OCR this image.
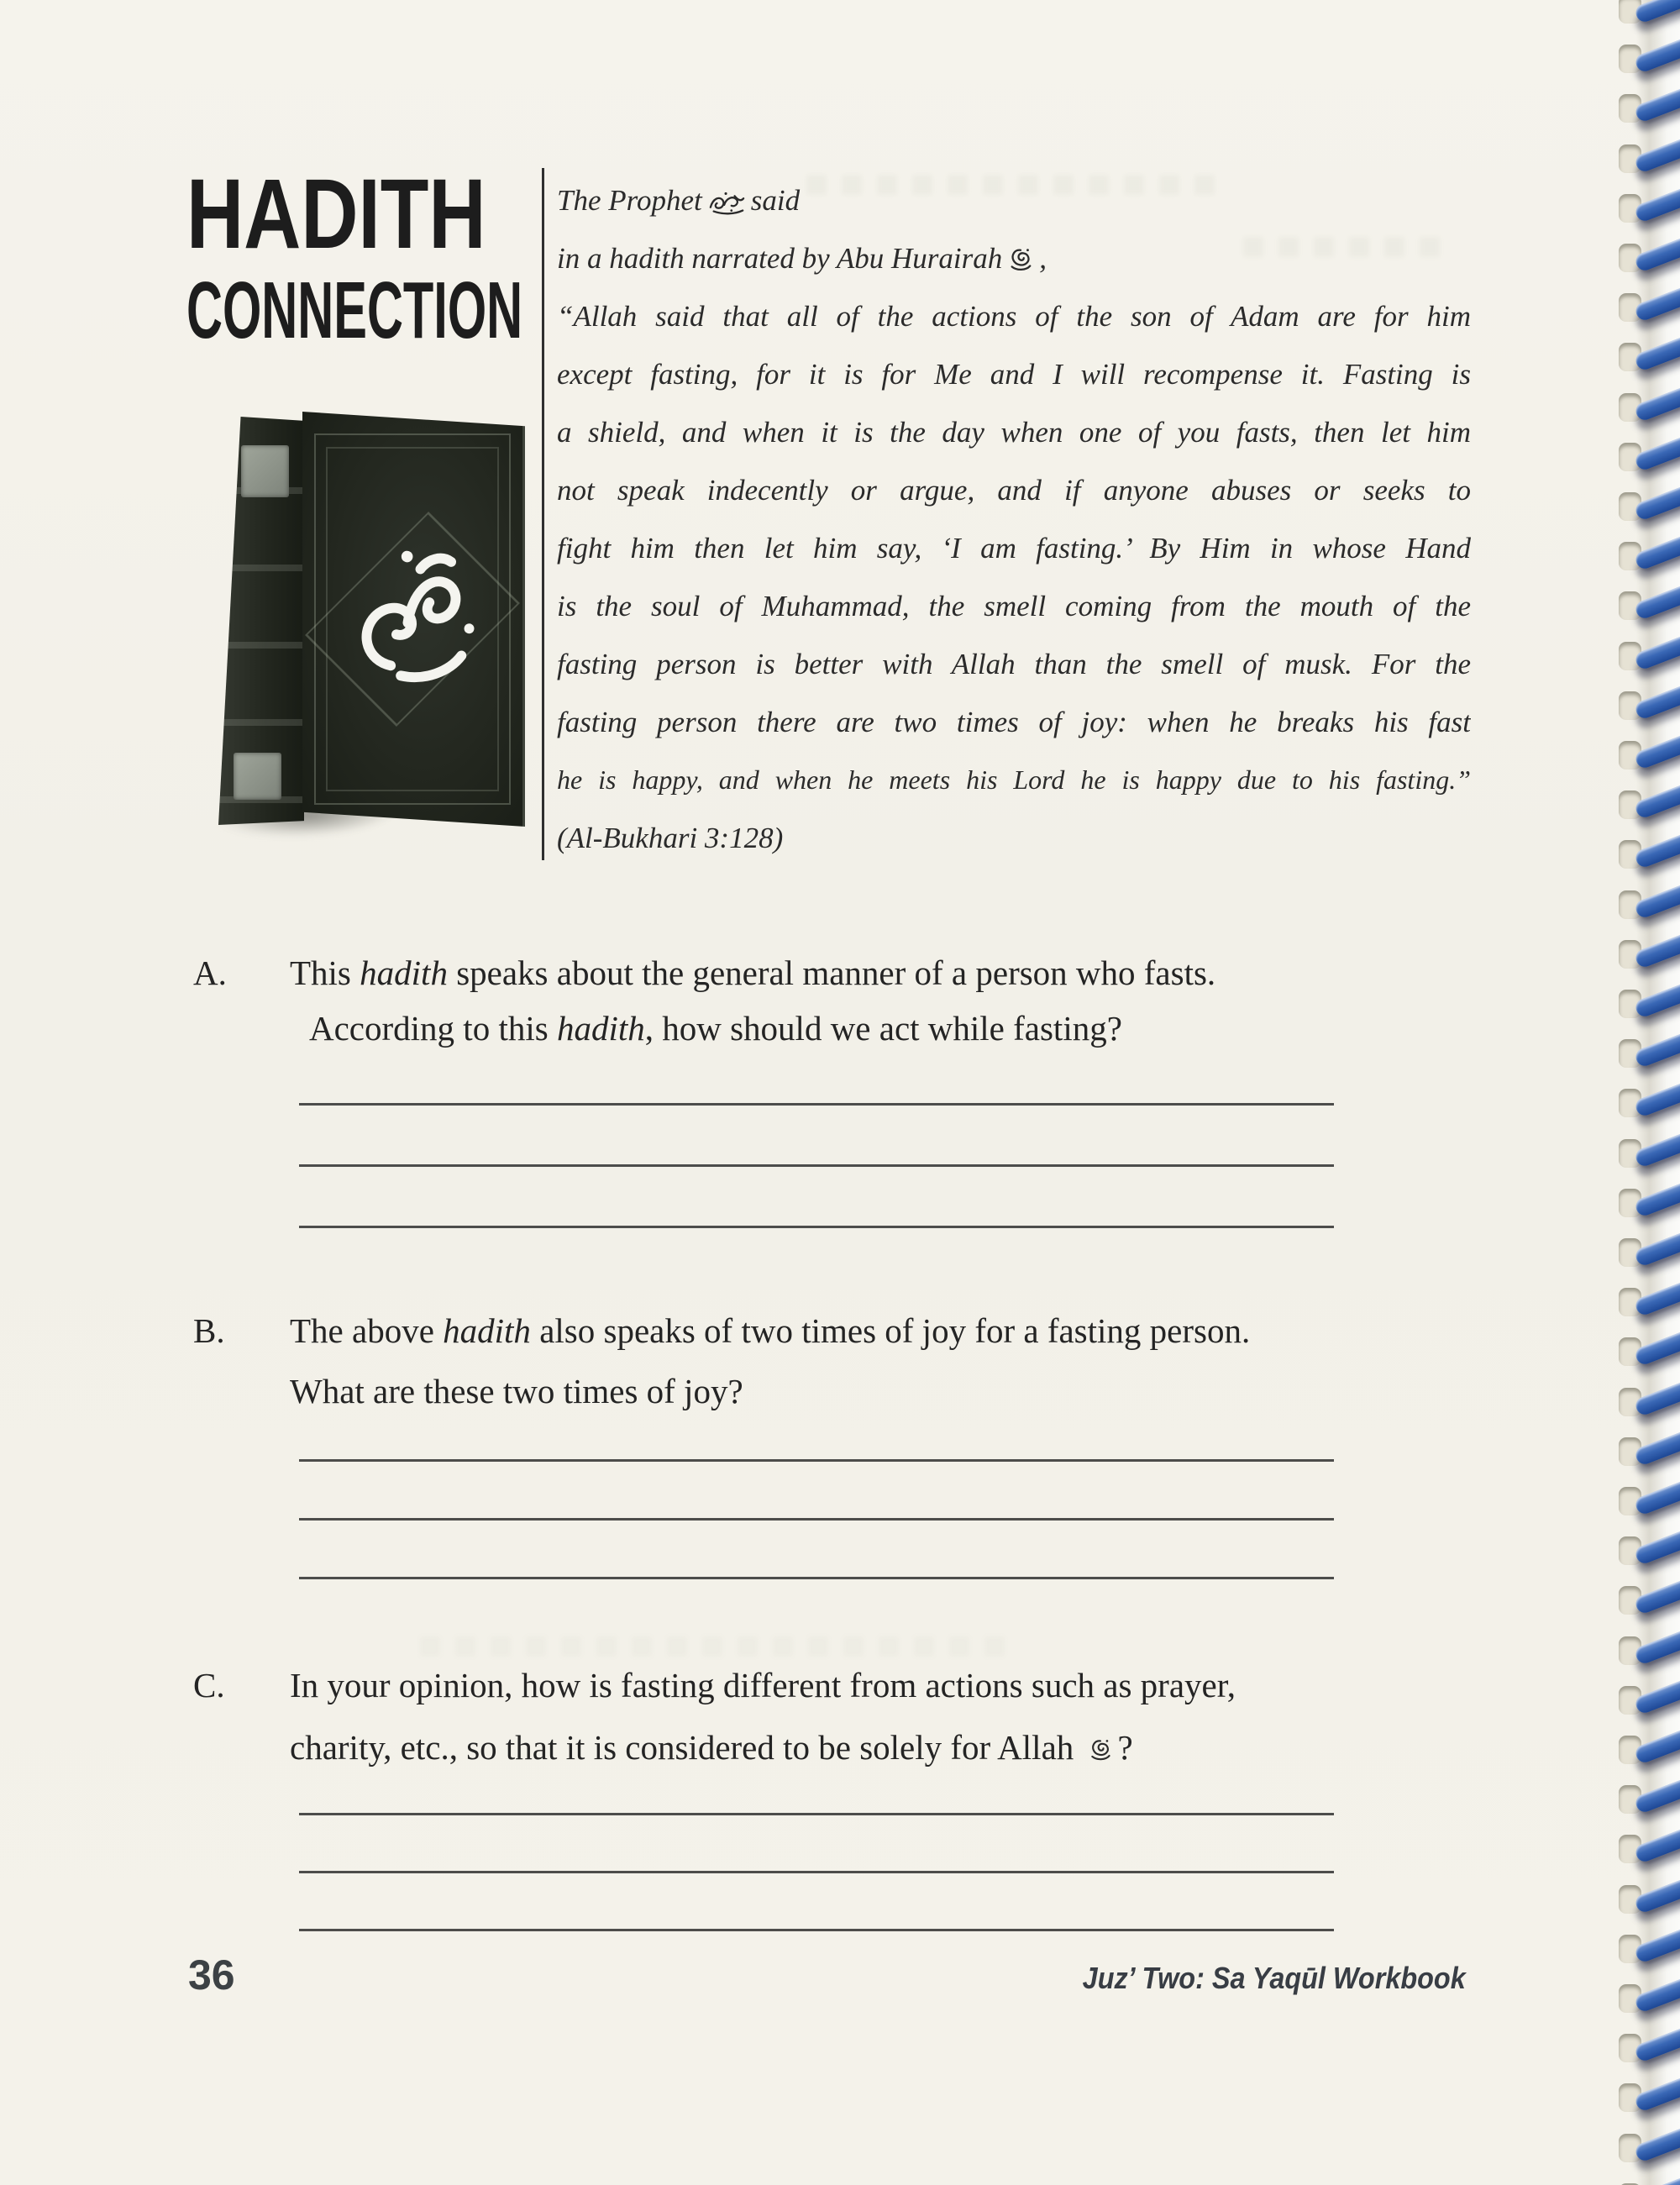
HADITH
CONNECTION
The Prophet said
in a hadith narrated by Abu Hurairah ,
“Allah said that all of the actions of the son of Adam are for him
except fasting, for it is for Me and I will recompense it. Fasting is
a shield, and when it is the day when one of you fasts, then let him
not speak indecently or argue, and if anyone abuses or seeks to
fight him then let him say, ‘I am fasting.’ By Him in whose Hand
is the soul of Muhammad, the smell coming from the mouth of the
fasting person is better with Allah than the smell of musk. For the
fasting person there are two times of joy: when he breaks his fast
he is happy, and when he meets his Lord he is happy due to his fasting.”
(Al-Bukhari 3:128)
A. This hadith speaks about the general manner of a person who fasts.
According to this hadith, how should we act while fasting?
B. The above hadith also speaks of two times of joy for a fasting person.
What are these two times of joy?
C. In your opinion, how is fasting different from actions such as prayer,
charity, etc., so that it is considered to be solely for Allah ?
36	Juz’ Two: Sa Yaqūl Workbook
